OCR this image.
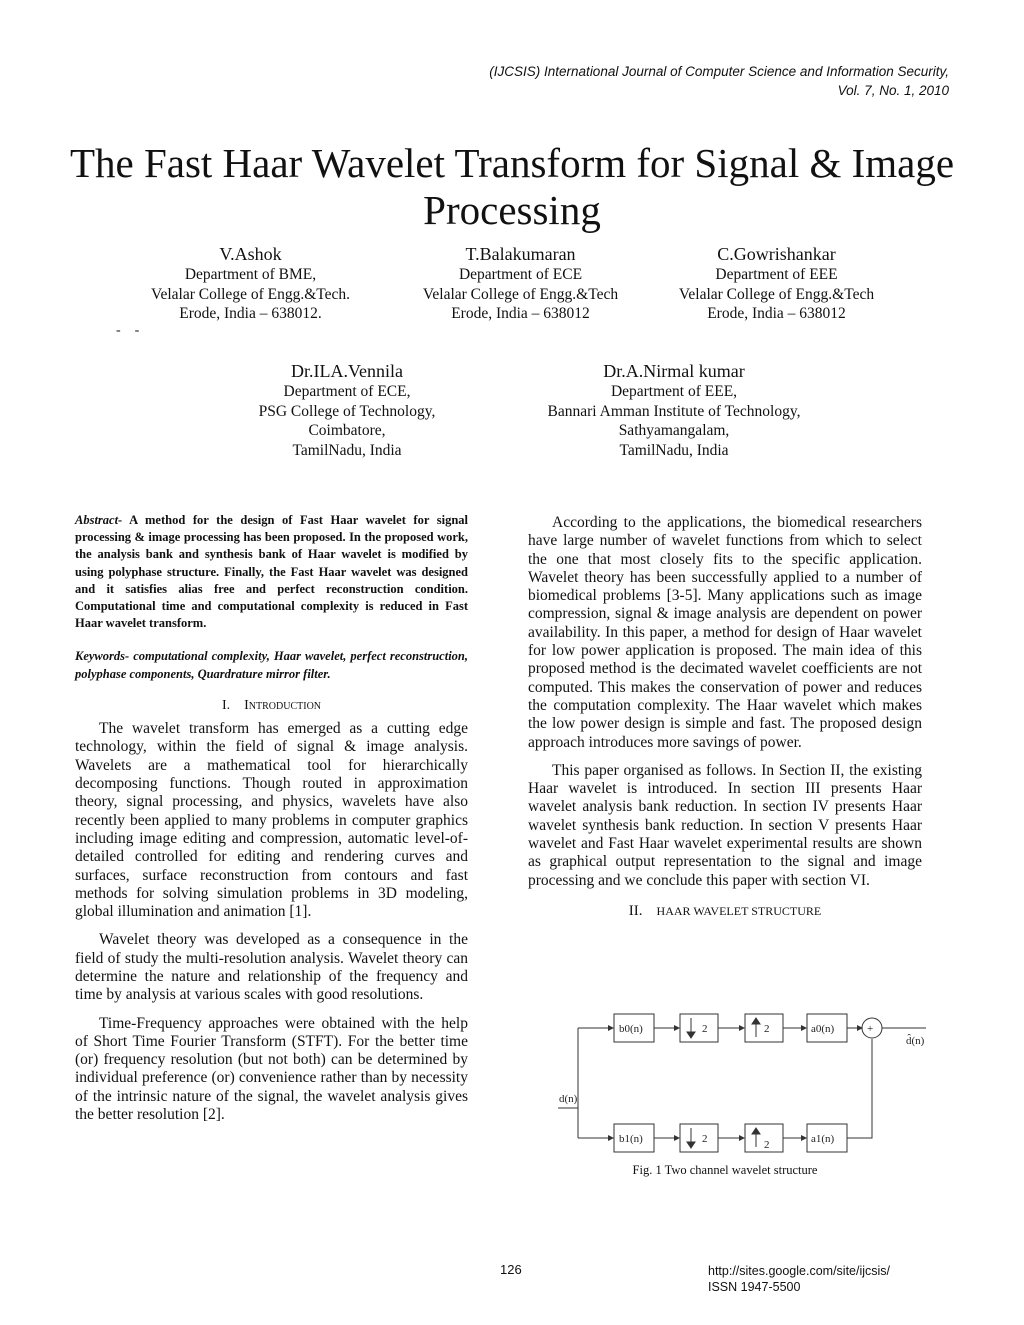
(IJCSIS) International Journal of Computer Science and Information Security,
Vol. 7, No. 1, 2010
The Fast Haar Wavelet Transform for Signal & Image
Processing
V.Ashok
Department of BME,
Velalar College of Engg.&Tech.
Erode, India – 638012.
T.Balakumaran
Department of ECE
Velalar College of Engg.&Tech
Erode, India – 638012
C.Gowrishankar
Department of EEE
Velalar College of Engg.&Tech
Erode, India – 638012
-    -
Dr.ILA.Vennila
Department of ECE,
PSG College of Technology,
Coimbatore,
TamilNadu, India
Dr.A.Nirmal kumar
Department of EEE,
Bannari Amman Institute of Technology,
Sathyamangalam,
TamilNadu, India
Abstract- A method for the design of Fast Haar wavelet for signal processing & image processing has been proposed. In the proposed work, the analysis bank and synthesis bank of Haar wavelet is modified by using polyphase structure. Finally, the Fast Haar wavelet was designed and it satisfies alias free and perfect reconstruction condition. Computational time and computational complexity is reduced in Fast Haar wavelet transform.
Keywords- computational complexity, Haar wavelet, perfect reconstruction, polyphase components, Quardrature mirror filter.
I. Introduction

The wavelet transform has emerged as a cutting edge technology, within the field of signal & image analysis. Wavelets are a mathematical tool for hierarchically decomposing functions. Though routed in approximation theory, signal processing, and physics, wavelets have also recently been applied to many problems in computer graphics including image editing and compression, automatic level-of-detailed controlled for editing and rendering curves and surfaces, surface reconstruction from contours and fast methods for solving simulation problems in 3D modeling, global illumination and animation [1].

Wavelet theory was developed as a consequence in the field of study the multi-resolution analysis. Wavelet theory can determine the nature and relationship of the frequency and time by analysis at various scales with good resolutions.

Time-Frequency approaches were obtained with the help of Short Time Fourier Transform (STFT). For the better time (or) frequency resolution (but not both) can be determined by individual preference (or) convenience rather than by necessity of the intrinsic nature of the signal, the wavelet analysis gives the better resolution [2].

According to the applications, the biomedical researchers have large number of wavelet functions from which to select the one that most closely fits to the specific application. Wavelet theory has been successfully applied to a number of biomedical problems [3-5]. Many applications such as image compression, signal & image analysis are dependent on power availability. In this paper, a method for design of Haar wavelet for low power application is proposed. The main idea of this proposed method is the decimated wavelet coefficients are not computed. This makes the conservation of power and reduces the computation complexity. The Haar wavelet which makes the low power design is simple and fast. The proposed design approach introduces more savings of power.

This paper organised as follows. In Section II, the existing Haar wavelet is introduced. In section III presents Haar wavelet analysis bank reduction. In section IV presents Haar wavelet synthesis bank reduction. In section V presents Haar wavelet and Fast Haar wavelet experimental results are shown as graphical output representation to the signal and image processing and we conclude this paper with section VI.

II. HAAR WAVELET STRUCTURE
d(n)
d̂(n)
b0(n)	2	2	a0(n)	+
b1(n)	2	2	a1(n)
Fig. 1 Two channel wavelet structure
126	http://sites.google.com/site/ijcsis/
ISSN 1947-5500
